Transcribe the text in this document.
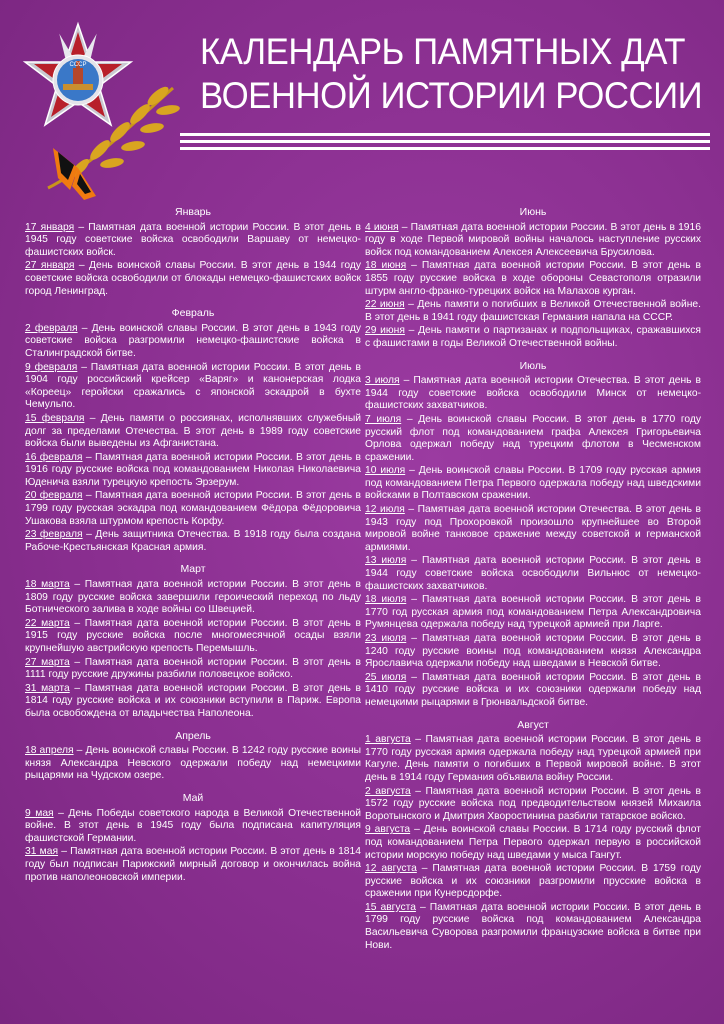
СССР	КАЛЕНДАРЬ ПАМЯТНЫХ ДАТ
ВОЕННОЙ ИСТОРИИ РОССИИ
Январь
17 января – Памятная дата военной истории России. В этот день в 1945 году советские войска освободили Варшаву от немецко-фашистских войск.
27 января – День воинской славы России. В этот день в 1944 году советские войска освободили от блокады немецко-фашистских войск город Ленинград.
Февраль
2 февраля – День воинской славы России. В этот день в 1943 году советские войска разгромили немецко-фашистские войска в Сталинградской битве.
9 февраля – Памятная дата военной истории России. В этот день в 1904 году российский крейсер «Варяг» и канонерская лодка «Кореец» геройски сражались с японской эскадрой в бухте Чемульпо.
15 февраля – День памяти о россиянах, исполнявших служебный долг за пределами Отечества. В этот день в 1989 году советские войска были выведены из Афганистана.
16 февраля – Памятная дата военной истории России. В этот день в 1916 году русские войска под командованием Николая Николаевича Юденича взяли турецкую крепость Эрзерум.
20 февраля – Памятная дата военной истории России. В этот день в 1799 году русская эскадра под командованием Фёдора Фёдоровича Ушакова взяла штурмом крепость Корфу.
23 февраля – День защитника Отечества. В 1918 году была создана Рабоче-Крестьянская Красная армия.
Март
18 марта – Памятная дата военной истории России. В этот день в 1809 году русские войска завершили героический переход по льду Ботнического залива в ходе войны со Швецией.
22 марта – Памятная дата военной истории России. В этот день в 1915 году русские войска после многомесячной осады взяли крупнейшую австрийскую крепость Перемышль.
27 марта – Памятная дата военной истории России. В этот день в 1111 году русские дружины разбили половецкое войско.
31 марта – Памятная дата военной истории России. В этот день в 1814 году русские войска и их союзники вступили в Париж. Европа была освобождена от владычества Наполеона.
Апрель
18 апреля – День воинской славы России. В 1242 году русские воины князя Александра Невского одержали победу над немецкими рыцарями на Чудском озере.
Май
9 мая – День Победы советского народа в Великой Отечественной войне. В этот день в 1945 году была подписана капитуляция фашистской Германии.
31 мая – Памятная дата военной истории России. В этот день в 1814 году был подписан Парижский мирный договор и окончилась война против наполеоновской империи.
Июнь
4 июня – Памятная дата военной истории России. В этот день в 1916 году в ходе Первой мировой войны началось наступление русских войск под командованием Алексея Алексеевича Брусилова.
18 июня – Памятная дата военной истории России. В этот день в 1855 году русские войска в ходе обороны Севастополя отразили штурм англо-франко-турецких войск на Малахов курган.
22 июня – День памяти о погибших в Великой Отечественной войне. В этот день в 1941 году фашистская Германия напала на СССР.
29 июня – День памяти о партизанах и подпольщиках, сражавшихся с фашистами в годы Великой Отечественной войны.
Июль
3 июля – Памятная дата военной истории Отечества. В этот день в 1944 году советские войска освободили Минск от немецко-фашистских захватчиков.
7 июля – День воинской славы России. В этот день в 1770 году русский флот под командованием графа Алексея Григорьевича Орлова одержал победу над турецким флотом в Чесменском сражении.
10 июля – День воинской славы России. В 1709 году русская армия под командованием Петра Первого одержала победу над шведскими войсками в Полтавском сражении.
12 июля – Памятная дата военной истории Отечества. В этот день в 1943 году под Прохоровкой произошло крупнейшее во Второй мировой войне танковое сражение между советской и германской армиями.
13 июля – Памятная дата военной истории России. В этот день в 1944 году советские войска освободили Вильнюс от немецко-фашистских захватчиков.
18 июля – Памятная дата военной истории России. В этот день в 1770 год русская армия под командованием Петра Александровича Румянцева одержала победу над турецкой армией при Ларге.
23 июля – Памятная дата военной истории России. В этот день в 1240 году русские воины под командованием князя Александра Ярославича одержали победу над шведами в Невской битве.
25 июля – Памятная дата военной истории России. В этот день в 1410 году русские войска и их союзники одержали победу над немецкими рыцарями в Грюнвальдской битве.
Август
1 августа – Памятная дата военной истории России. В этот день в 1770 году русская армия одержала победу над турецкой армией при Кагуле. День памяти о погибших в Первой мировой войне. В этот день в 1914 году Германия объявила войну России.
2 августа – Памятная дата военной истории России. В этот день в 1572 году русские войска под предводительством князей Михаила Воротынского и Дмитрия Хворостинина разбили татарское войско.
9 августа – День воинской славы России. В 1714 году русский флот под командованием Петра Первого одержал первую в российской истории морскую победу над шведами у мыса Гангут.
12 августа – Памятная дата военной истории России. В 1759 году русские войска и их союзники разгромили прусские войска в сражении при Кунерсдорфе.
15 августа – Памятная дата военной истории России. В этот день в 1799 году русские войска под командованием Александра Васильевича Суворова разгромили французские войска в битве при Нови.
